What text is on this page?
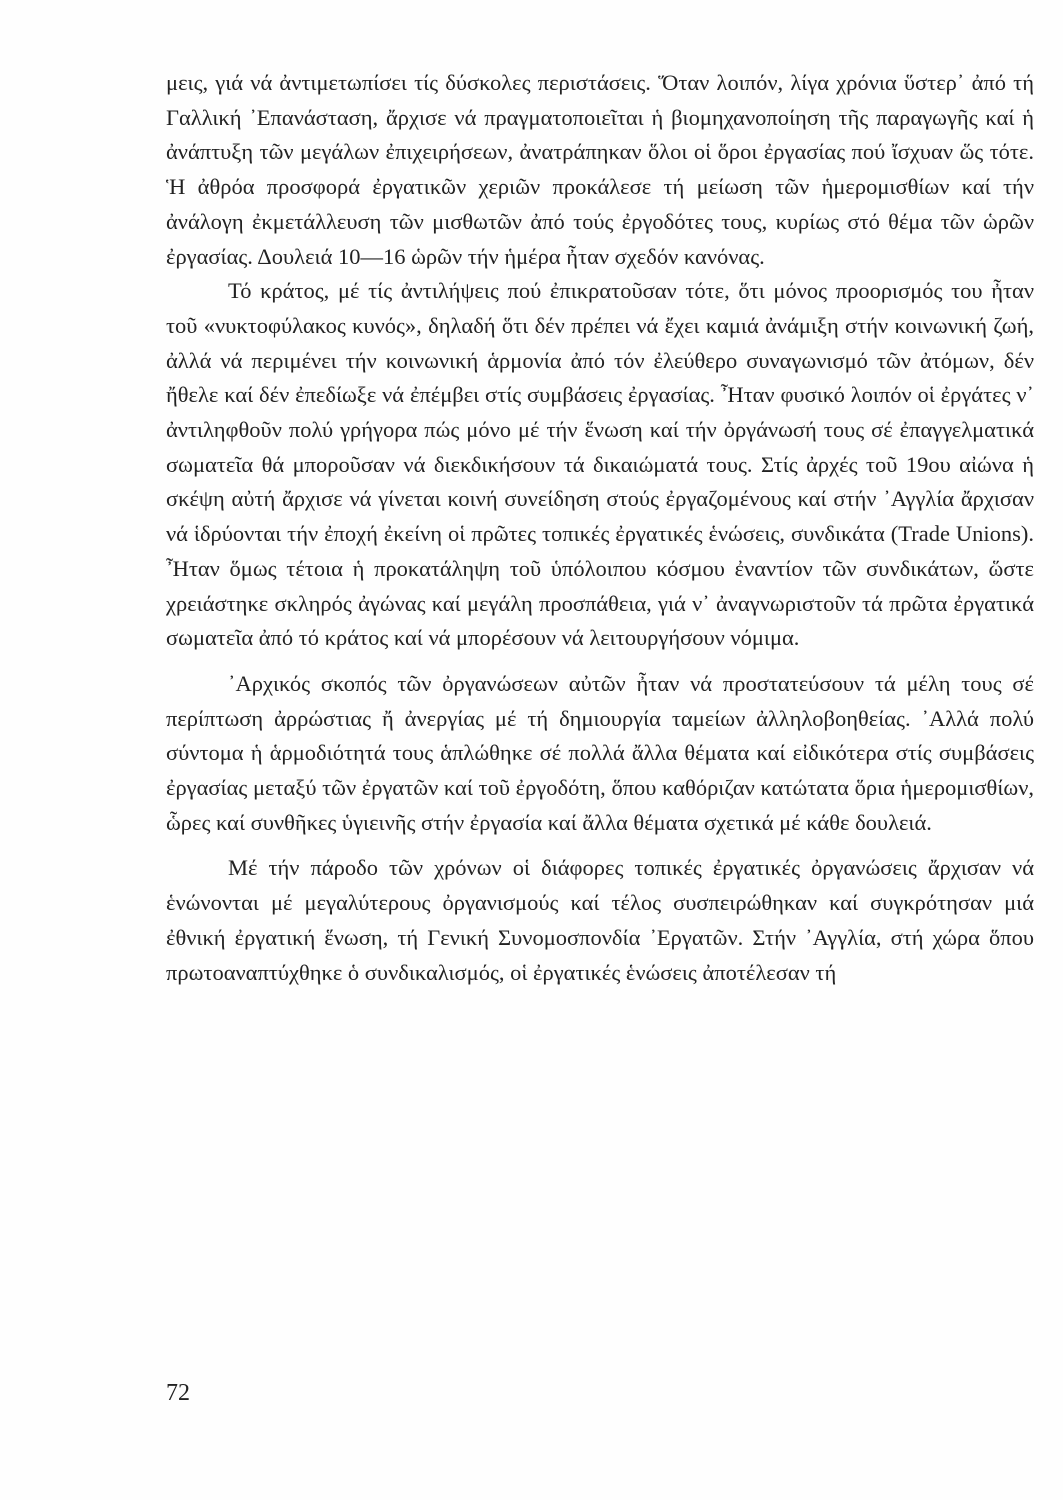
μεις, γιά νά ἀντιμετωπίσει τίς δύσκολες περιστάσεις. Ὅταν λοιπόν, λίγα χρόνια ὕστερ᾿ ἀπό τή Γαλλική ᾿Επανάσταση, ἄρχισε νά πραγματοποιεῖται ἡ βιομηχανοποίηση τῆς παραγωγῆς καί ἡ ἀνάπτυξη τῶν μεγάλων ἐπιχειρήσεων, ἀνατράπηκαν ὅλοι οἱ ὅροι ἐργασίας πού ἴσχυαν ὥς τότε. Ἡ ἀθρόα προσφορά ἐργατικῶν χεριῶν προκάλεσε τή μείωση τῶν ἡμερομισθίων καί τήν ἀνάλογη ἐκμετάλλευση τῶν μισθωτῶν ἀπό τούς ἐργοδότες τους, κυρίως στό θέμα τῶν ὡρῶν ἐργασίας. Δουλειά 10—16 ὡρῶν τήν ἡμέρα ἦταν σχεδόν κανόνας.

Τό κράτος, μέ τίς ἀντιλήψεις πού ἐπικρατοῦσαν τότε, ὅτι μόνος προορισμός του ἦταν τοῦ «νυκτοφύλακος κυνός», δηλαδή ὅτι δέν πρέπει νά ἔχει καμιά ἀνάμιξη στήν κοινωνική ζωή, ἀλλά νά περιμένει τήν κοινωνική ἁρμονία ἀπό τόν ἐλεύθερο συναγωνισμό τῶν ἀτόμων, δέν ἤθελε καί δέν ἐπεδίωξε νά ἐπέμβει στίς συμβάσεις ἐργασίας. Ἦταν φυσικό λοιπόν οἱ ἐργάτες ν᾿ ἀντιληφθοῦν πολύ γρήγορα πώς μόνο μέ τήν ἕνωση καί τήν ὀργάνωσή τους σέ ἐπαγγελματικά σωματεῖα θά μποροῦσαν νά διεκδικήσουν τά δικαιώματά τους. Στίς ἀρχές τοῦ 19ου αἰώνα ἡ σκέψη αὐτή ἄρχισε νά γίνεται κοινή συνείδηση στούς ἐργαζομένους καί στήν ᾿Αγγλία ἄρχισαν νά ἱδρύονται τήν ἐποχή ἐκείνη οἱ πρῶτες τοπικές ἐργατικές ἑνώσεις, συνδικάτα (Trade Unions). Ἦταν ὅμως τέτοια ἡ προκατάληψη τοῦ ὑπόλοιπου κόσμου ἐναντίον τῶν συνδικάτων, ὥστε χρειάστηκε σκληρός ἀγώνας καί μεγάλη προσπάθεια, γιά ν᾿ ἀναγνωριστοῦν τά πρῶτα ἐργατικά σωματεῖα ἀπό τό κράτος καί νά μπορέσουν νά λειτουργήσουν νόμιμα.

᾿Αρχικός σκοπός τῶν ὀργανώσεων αὐτῶν ἦταν νά προστατεύσουν τά μέλη τους σέ περίπτωση ἀρρώστιας ἤ ἀνεργίας μέ τή δημιουργία ταμείων ἀλληλοβοηθείας. ᾿Αλλά πολύ σύντομα ἡ ἁρμοδιότητά τους ἁπλώθηκε σέ πολλά ἄλλα θέματα καί εἰδικότερα στίς συμβάσεις ἐργασίας μεταξύ τῶν ἐργατῶν καί τοῦ ἐργοδότη, ὅπου καθόριζαν κατώτατα ὅρια ἡμερομισθίων, ὧρες καί συνθῆκες ὑγιεινῆς στήν ἐργασία καί ἄλλα θέματα σχετικά μέ κάθε δουλειά.

Μέ τήν πάροδο τῶν χρόνων οἱ διάφορες τοπικές ἐργατικές ὀργανώσεις ἄρχισαν νά ἑνώνονται μέ μεγαλύτερους ὀργανισμούς καί τέλος συσπειρώθηκαν καί συγκρότησαν μιά ἐθνική ἐργατική ἕνωση, τή Γενική Συνομοσπονδία ᾿Εργατῶν. Στήν ᾿Αγγλία, στή χώρα ὅπου πρωτοαναπτύχθηκε ὁ συνδικαλισμός, οἱ ἐργατικές ἑνώσεις ἀποτέλεσαν τή

72
